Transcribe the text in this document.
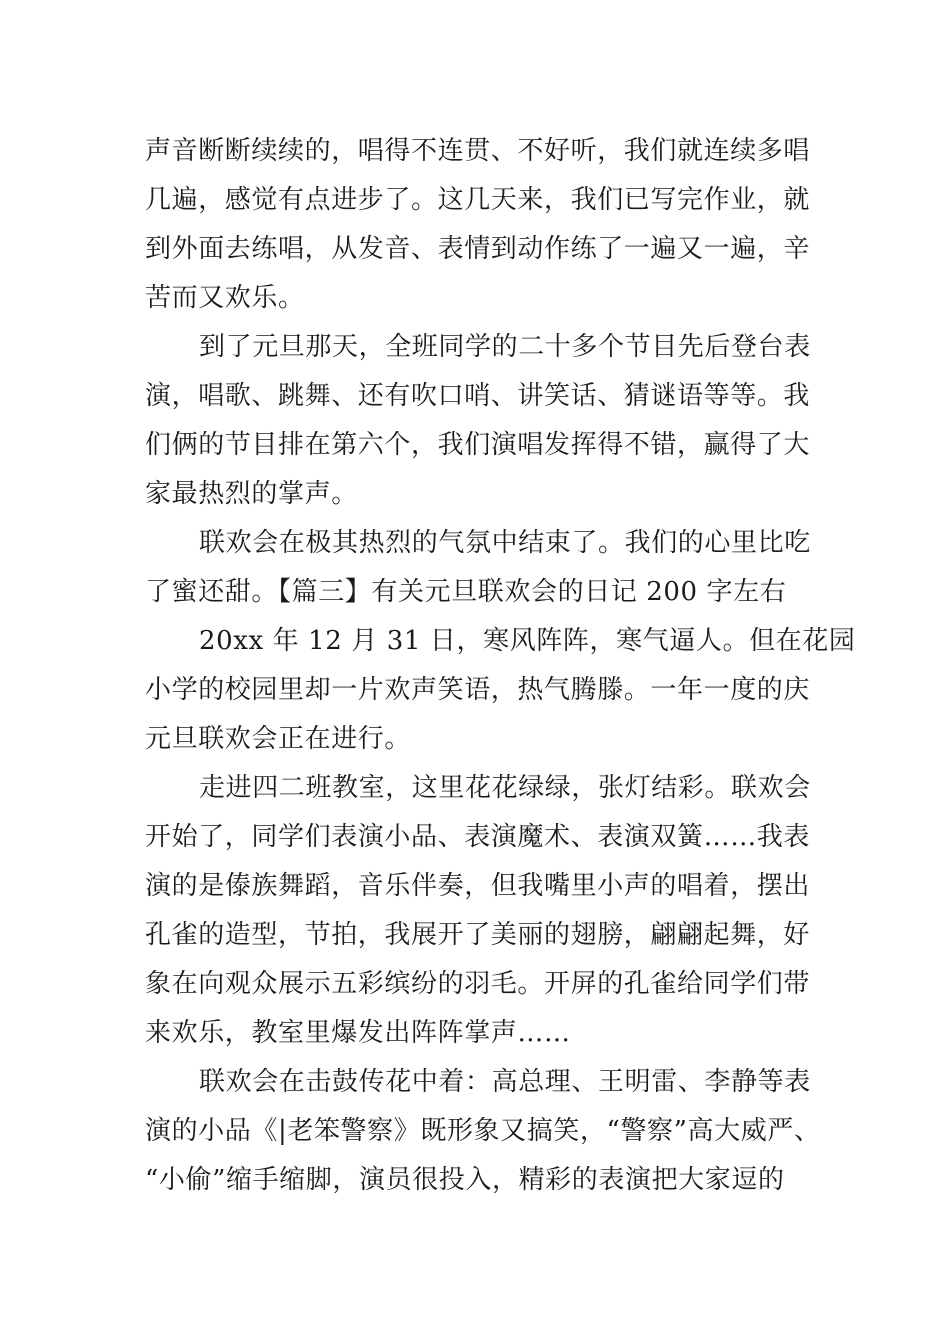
声音断断续续的，唱得不连贯、不好听，我们就连续多唱
几遍，感觉有点进步了。这几天来，我们已写完作业，就
到外面去练唱，从发音、表情到动作练了一遍又一遍，辛
苦而又欢乐。
到了元旦那天，全班同学的二十多个节目先后登台表
演，唱歌、跳舞、还有吹口哨、讲笑话、猜谜语等等。我
们俩的节目排在第六个，我们演唱发挥得不错，赢得了大
家最热烈的掌声。
联欢会在极其热烈的气氛中结束了。我们的心里比吃
了蜜还甜。【篇三】有关元旦联欢会的日记 200 字左右
20xx 年 12 月 31 日，寒风阵阵，寒气逼人。但在花园
小学的校园里却一片欢声笑语，热气腾滕。一年一度的庆
元旦联欢会正在进行。
走进四二班教室，这里花花绿绿，张灯结彩。联欢会
开始了，同学们表演小品、表演魔术、表演双簧……我表
演的是傣族舞蹈，音乐伴奏，但我嘴里小声的唱着，摆出
孔雀的造型，节拍，我展开了美丽的翅膀，翩翩起舞，好
象在向观众展示五彩缤纷的羽毛。开屏的孔雀给同学们带
来欢乐，教室里爆发出阵阵掌声……
联欢会在击鼓传花中着：高总理、王明雷、李静等表
演的小品《|老笨警察》既形象又搞笑，“警察”高大威严、
“小偷”缩手缩脚，演员很投入，精彩的表演把大家逗的
